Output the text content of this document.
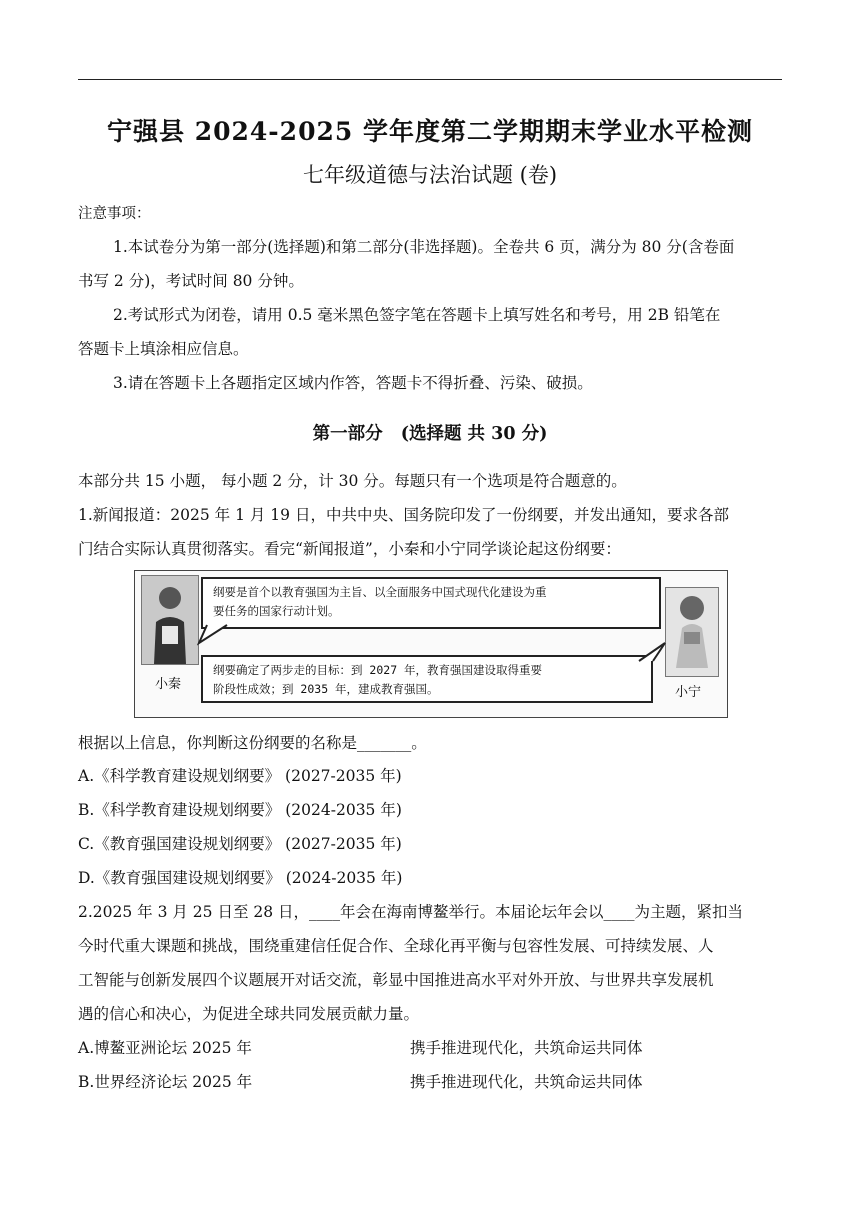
宁强县 2024-2025 学年度第二学期期末学业水平检测
七年级道德与法治试题 (卷)
注意事项：
1.本试卷分为第一部分(选择题)和第二部分(非选择题)。全卷共 6 页，满分为 80 分(含卷面
书写 2 分)，考试时间 80 分钟。
2.考试形式为闭卷，请用 0.5 毫米黑色签字笔在答题卡上填写姓名和考号，用 2B 铅笔在
答题卡上填涂相应信息。
3.请在答题卡上各题指定区域内作答，答题卡不得折叠、污染、破损。
第一部分 (选择题 共 30 分)
本部分共 15 小题， 每小题 2 分，计 30 分。每题只有一个选项是符合题意的。
1.新闻报道：2025 年 1 月 19 日，中共中央、国务院印发了一份纲要，并发出通知，要求各部
门结合实际认真贯彻落实。看完“新闻报道”，小秦和小宁同学谈论起这份纲要：
小秦
小宁
纲要是首个以教育强国为主旨、以全面服务中国式现代化建设为重
要任务的国家行动计划。
纲要确定了两步走的目标：到 2027 年，教育强国建设取得重要
阶段性成效；到 2035 年，建成教育强国。
根据以上信息，你判断这份纲要的名称是_______。
A.《科学教育建设规划纲要》 (2027-2035 年)
B.《科学教育建设规划纲要》 (2024-2035 年)
C.《教育强国建设规划纲要》 (2027-2035 年)
D.《教育强国建设规划纲要》 (2024-2035 年)
2.2025 年 3 月 25 日至 28 日，____年会在海南博鳌举行。本届论坛年会以____为主题，紧扣当
今时代重大课题和挑战，围绕重建信任促合作、全球化再平衡与包容性发展、可持续发展、人
工智能与创新发展四个议题展开对话交流，彰显中国推进高水平对外开放、与世界共享发展机
遇的信心和决心，为促进全球共同发展贡献力量。
A.博鳌亚洲论坛 2025 年	携手推进现代化，共筑命运共同体
B.世界经济论坛 2025 年	携手推进现代化，共筑命运共同体
